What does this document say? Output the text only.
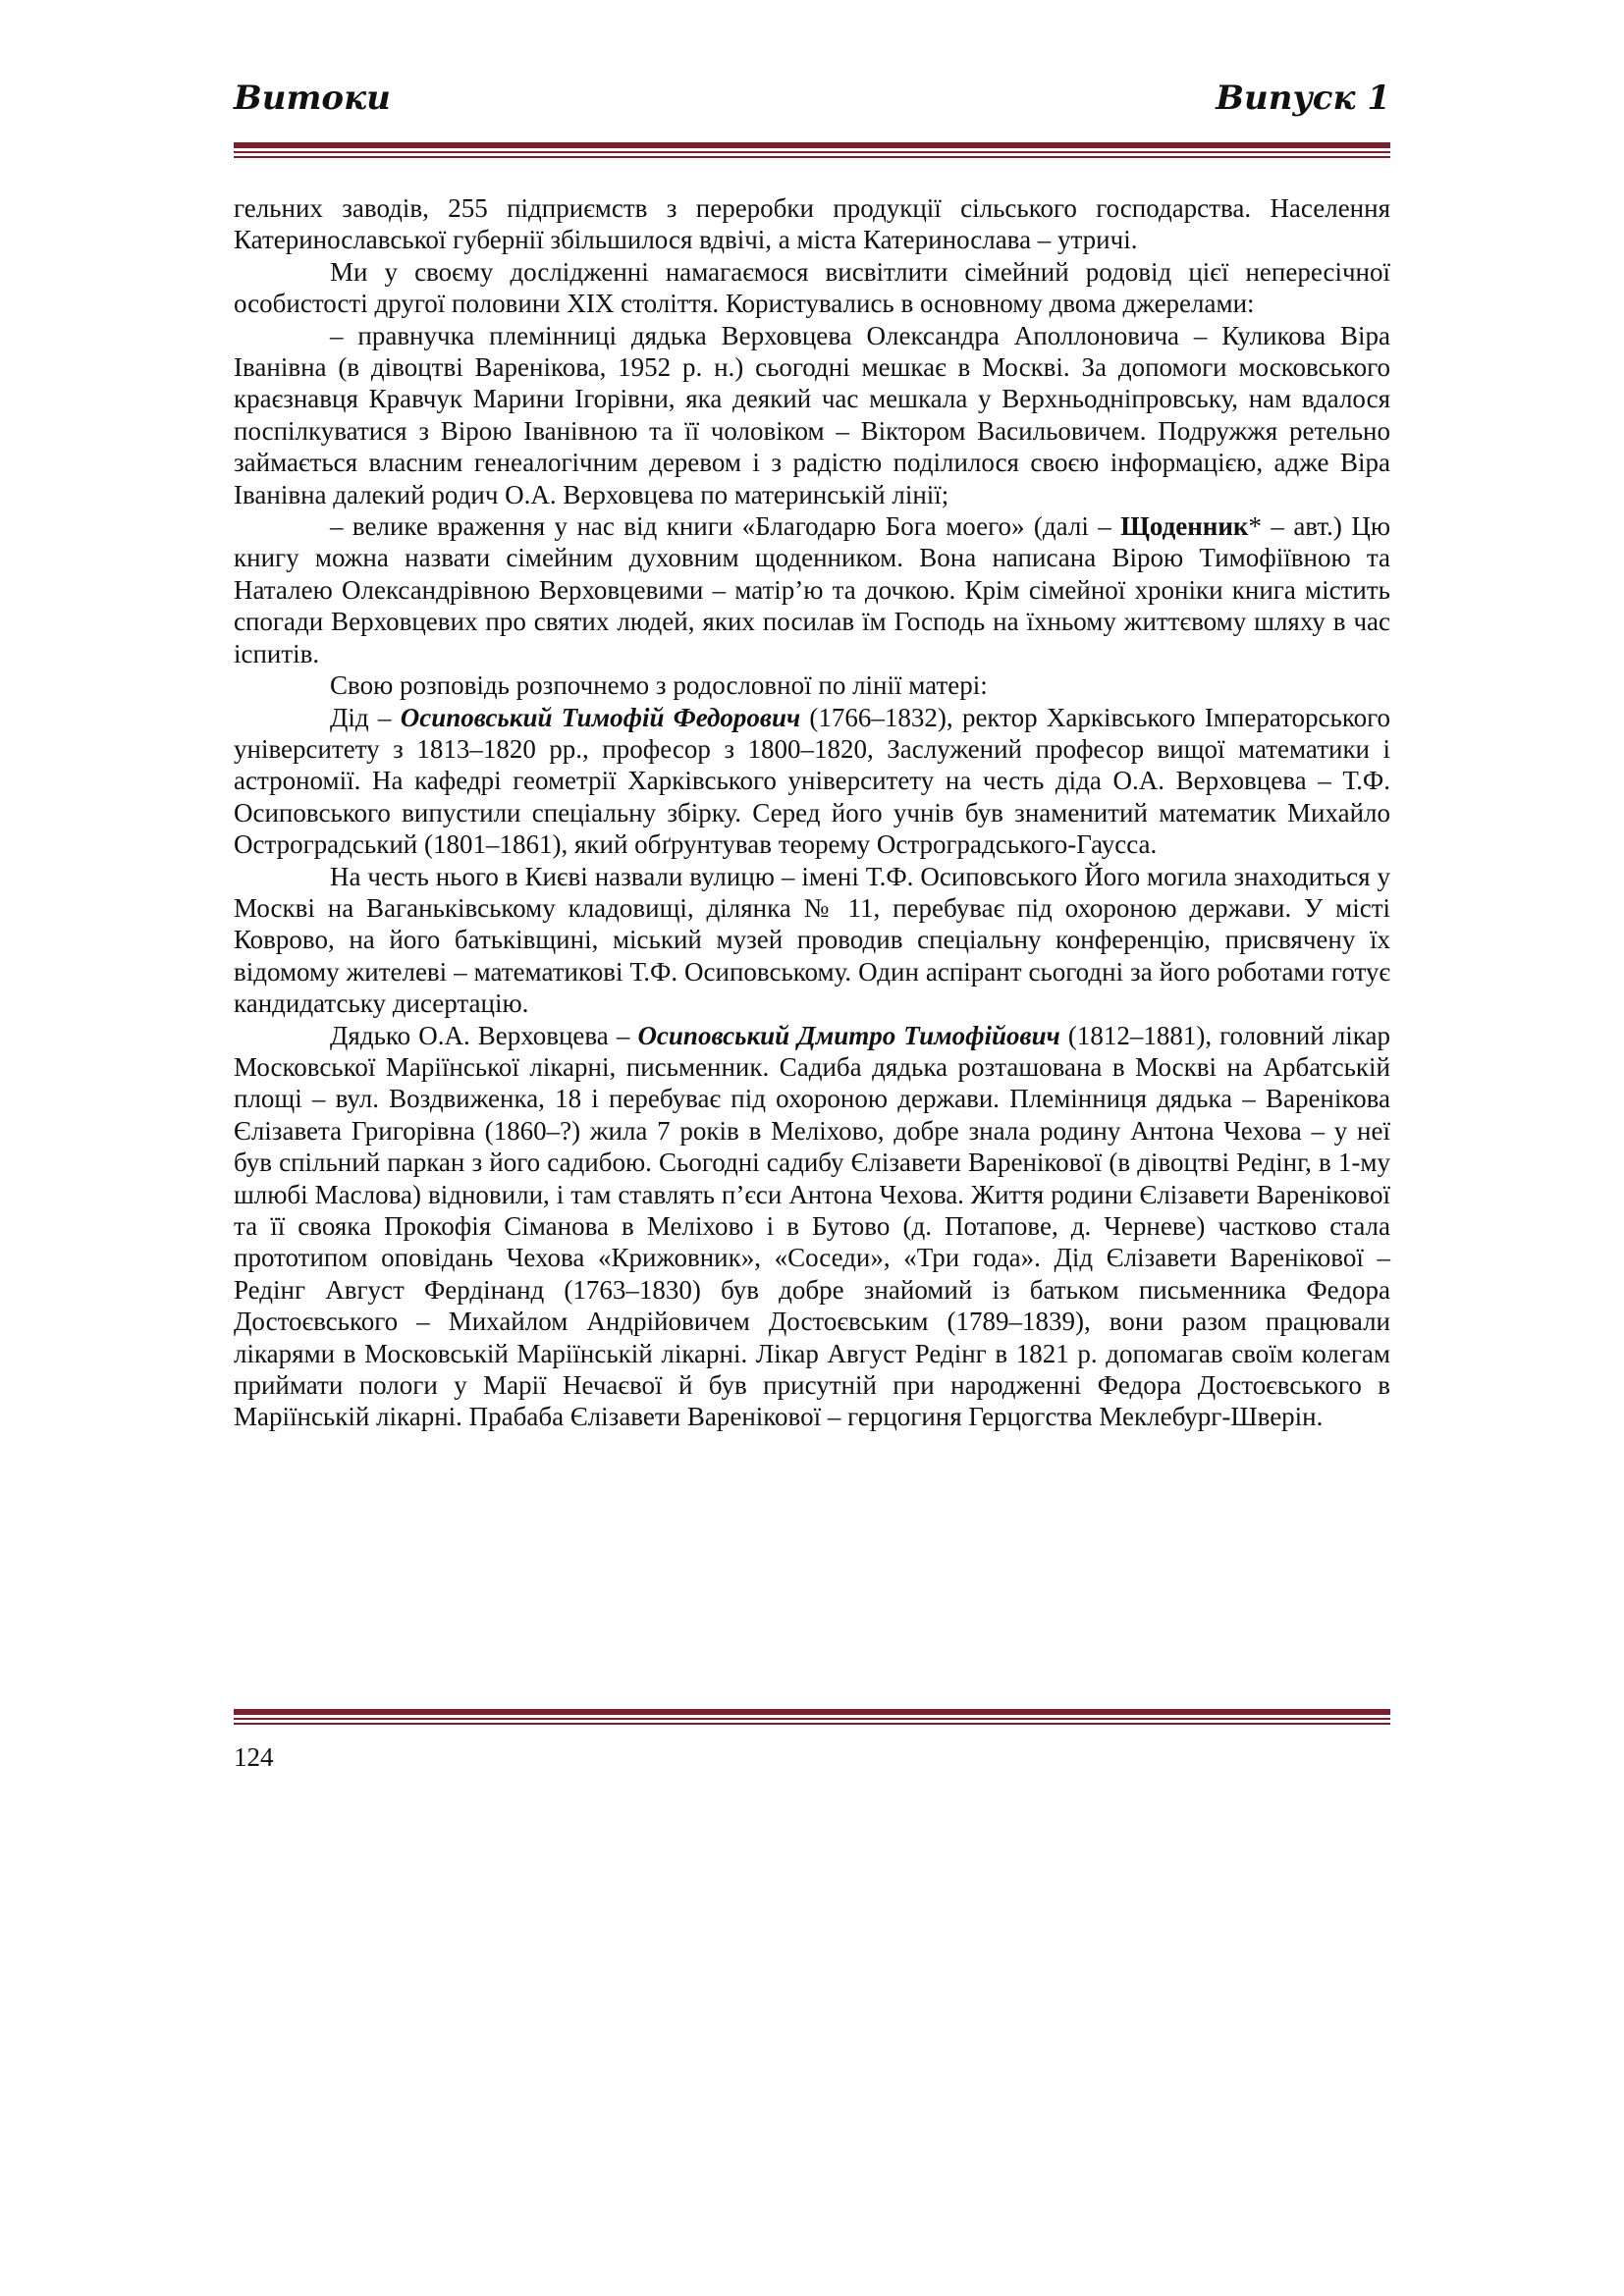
Витоки	Випуск 1

гельних заводів, 255 підприємств з переробки продукції сільського господарства. Населення Катеринославської губернії збільшилося вдвічі, а міста Катеринослава – утричі.

Ми у своєму дослідженні намагаємося висвітлити сімейний родовід цієї непересічної особистості другої половини ХІХ століття. Користувались в основному двома джерелами:

– правнучка племінниці дядька Верховцева Олександра Аполлоновича – Куликова Віра Іванівна (в дівоцтві Варенікова, 1952 р. н.) сьогодні мешкає в Москві. За допомоги московського краєзнавця Кравчук Марини Ігорівни, яка деякий час мешкала у Верхньодніпровську, нам вдалося поспілкуватися з Вірою Іванівною та її чоловіком – Віктором Васильовичем. Подружжя ретельно займається власним генеалогічним деревом і з радістю поділилося своєю інформацією, адже Віра Іванівна далекий родич О.А. Верховцева по материнській лінії;

– велике враження у нас від книги «Благодарю Бога моего» (далі – Щоденник* – авт.) Цю книгу можна назвати сімейним духовним щоденником. Вона написана Вірою Тимофіївною та Наталею Олександрівною Верховцевими – матір’ю та дочкою. Крім сімейної хроніки книга містить спогади Верховцевих про святих людей, яких посилав їм Господь на їхньому життєвому шляху в час іспитів.

Свою розповідь розпочнемо з родословної по лінії матері:

Дід – Осиповський Тимофій Федорович (1766–1832), ректор Харківського Імператорського університету з 1813–1820 рр., професор з 1800–1820, Заслужений професор вищої математики і астрономії. На кафедрі геометрії Харківського університету на честь діда О.А. Верховцева – Т.Ф. Осиповського випустили спеціальну збірку. Серед його учнів був знаменитий математик Михайло Остроградський (1801–1861), який обґрунтував теорему Остроградського-Гаусса.

На честь нього в Києві назвали вулицю – імені Т.Ф. Осиповського Його могила знаходиться у Москві на Ваганьківському кладовищі, ділянка № 11, перебуває під охороною держави. У місті Коврово, на його батьківщині, міський музей проводив спеціальну конференцію, присвячену їх відомому жителеві – математикові Т.Ф. Осиповському. Один аспірант сьогодні за його роботами готує кандидатську дисертацію.

Дядько О.А. Верховцева – Осиповський Дмитро Тимофійович (1812–1881), головний лікар Московської Маріїнської лікарні, письменник. Садиба дядька розташована в Москві на Арбатській площі – вул. Воздвиженка, 18 і перебуває під охороною держави. Племінниця дядька – Варенікова Єлізавета Григорівна (1860–?) жила 7 років в Меліхово, добре знала родину Антона Чехова – у неї був спільний паркан з його садибою. Сьогодні садибу Єлізавети Варенікової (в дівоцтві Редінг, в 1-му шлюбі Маслова) відновили, і там ставлять п’єси Антона Чехова. Життя родини Єлізавети Варенікової та її свояка Прокофія Сіманова в Меліхово і в Бутово (д. Потапове, д. Черневе) частково стала прототипом оповідань Чехова «Крижовник», «Соседи», «Три года». Дід Єлізавети Варенікової – Редінг Август Фердінанд (1763–1830) був добре знайомий із батьком письменника Федора Достоєвського – Михайлом Андрійовичем Достоєвським (1789–1839), вони разом працювали лікарями в Московській Маріїнській лікарні. Лікар Август Редінг в 1821 р. допомагав своїм колегам приймати пологи у Марії Нечаєвої й був присутній при народженні Федора Достоєвського в Маріїнській лікарні. Прабаба Єлізавети Варенікової – герцогиня Герцогства Меклебург-Шверін.

124
